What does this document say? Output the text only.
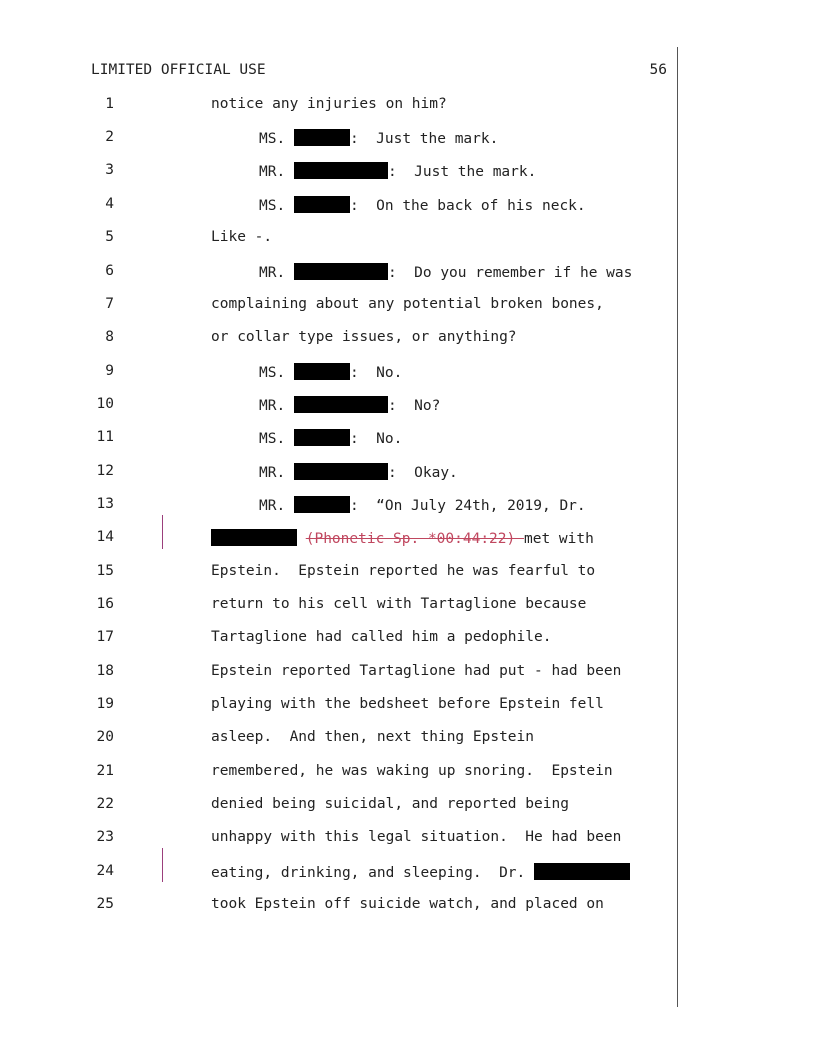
LIMITED OFFICIAL USE	56
1	notice any injuries on him?
2	MS.	:  Just the mark.
3	MR.	:  Just the mark.
4	MS.	:  On the back of his neck.
5	Like -.
6	MR.	:  Do you remember if he was
7	complaining about any potential broken bones,
8	or collar type issues, or anything?
9	MS.	:  No.
10	MR.	:  No?
11	MS.	:  No.
12	MR.	:  Okay.
13	MR.	:  “On July 24th, 2019, Dr.
14	(Phonetic Sp. *00:44:22) met with
15	Epstein.  Epstein reported he was fearful to
16	return to his cell with Tartaglione because
17	Tartaglione had called him a pedophile.
18	Epstein reported Tartaglione had put - had been
19	playing with the bedsheet before Epstein fell
20	asleep.  And then, next thing Epstein
21	remembered, he was waking up snoring.  Epstein
22	denied being suicidal, and reported being
23	unhappy with this legal situation.  He had been
24	eating, drinking, and sleeping.  Dr.
25	took Epstein off suicide watch, and placed on
